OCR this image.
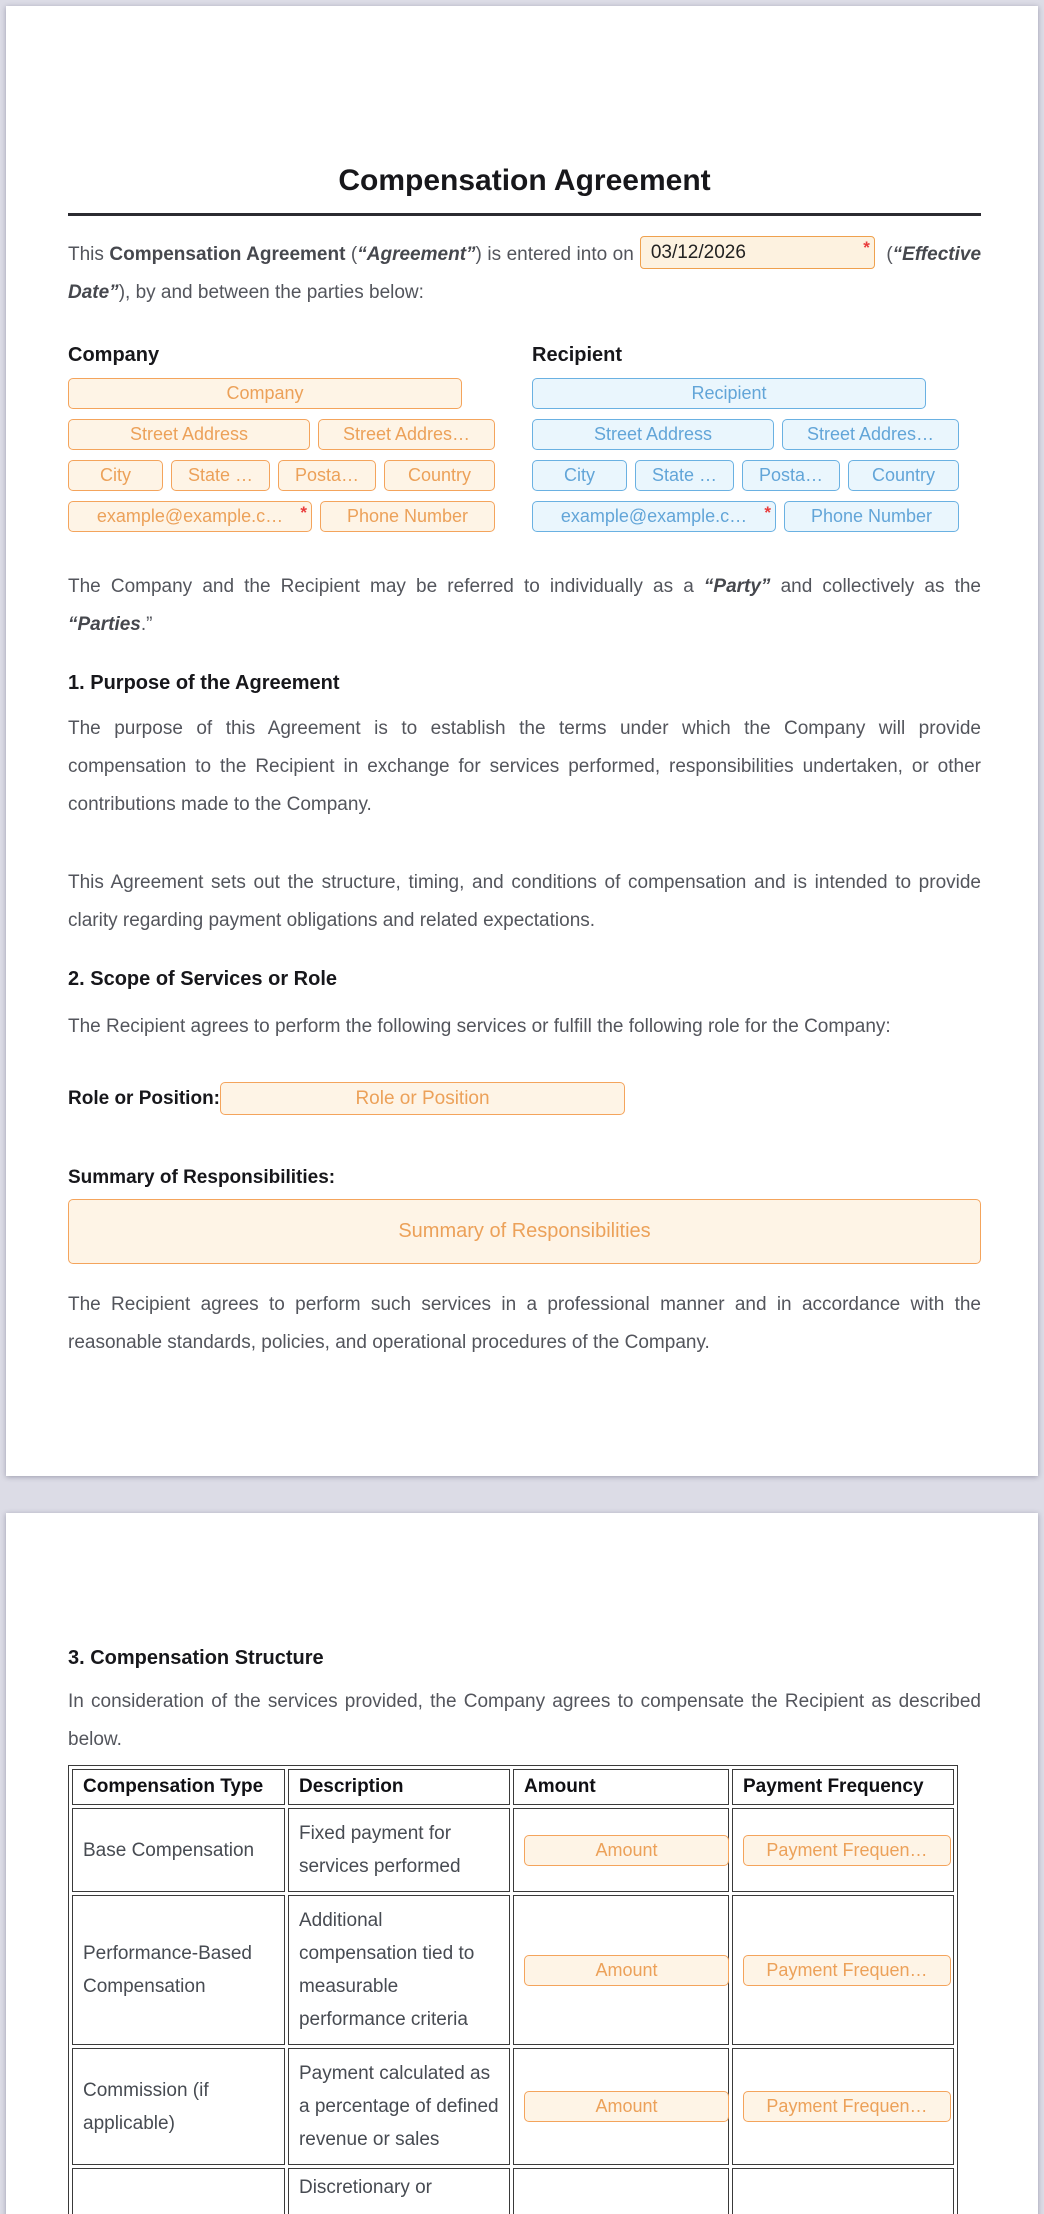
Compensation Agreement

This Compensation Agreement (“Agreement”) is entered into on
03/12/2026	* (“Effective Date”), by and between the parties below:

Company
Company
Street Address
Street Addres…
City
State …
Posta…
Country
example@example.c…
*
Phone Number
Recipient
Recipient
Street Address
Street Addres…
City
State …
Posta…
Country
example@example.c…
*
Phone Number

The Company and the Recipient may be referred to individually as a “Party” and collectively as the “Parties.”

1. Purpose of the Agreement

The purpose of this Agreement is to establish the terms under which the Company will provide compensation to the Recipient in exchange for services performed, responsibilities undertaken, or other contributions made to the Company.

This Agreement sets out the structure, timing, and conditions of compensation and is intended to provide clarity regarding payment obligations and related expectations.

2. Scope of Services or Role

The Recipient agrees to perform the following services or fulfill the following role for the Company:

Role or Position:
Role or Position
Summary of Responsibilities:
Summary of Responsibilities

The Recipient agrees to perform such services in a professional manner and in accordance with the reasonable standards, policies, and operational procedures of the Company.

3. Compensation Structure

In consideration of the services provided, the Company agrees to compensate the Recipient as described below.

Compensation Type	Description	Amount	Payment Frequency
Base Compensation	Fixed payment for services performed	Amount	Payment Frequen…
Performance-Based Compensation	Additional compensation tied to measurable performance criteria	Amount	Payment Frequen…
Commission (if applicable)	Payment calculated as a percentage of defined revenue or sales	Amount	Payment Frequen…
	Discretionary or		
